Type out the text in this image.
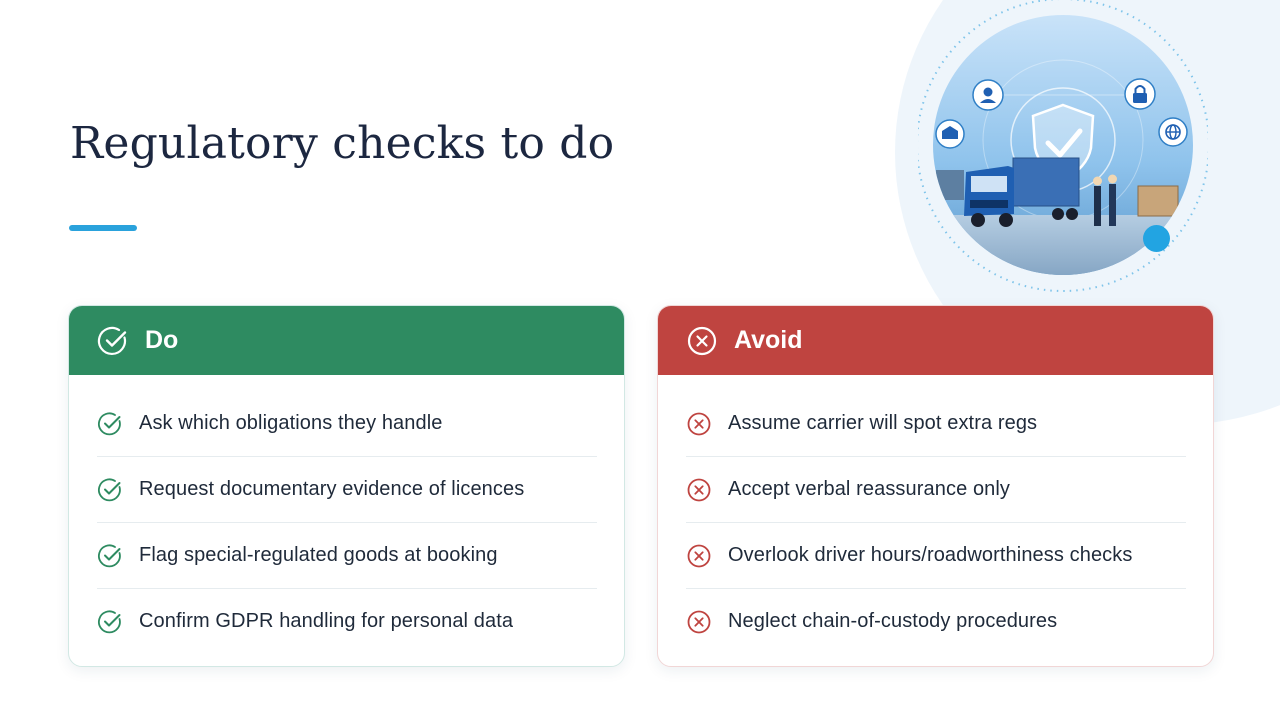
Regulatory checks to do
Do
Ask which obligations they handle
Request documentary evidence of licences
Flag special-regulated goods at booking
Confirm GDPR handling for personal data
Avoid
Assume carrier will spot extra regs
Accept verbal reassurance only
Overlook driver hours/roadworthiness checks
Neglect chain-of-custody procedures
